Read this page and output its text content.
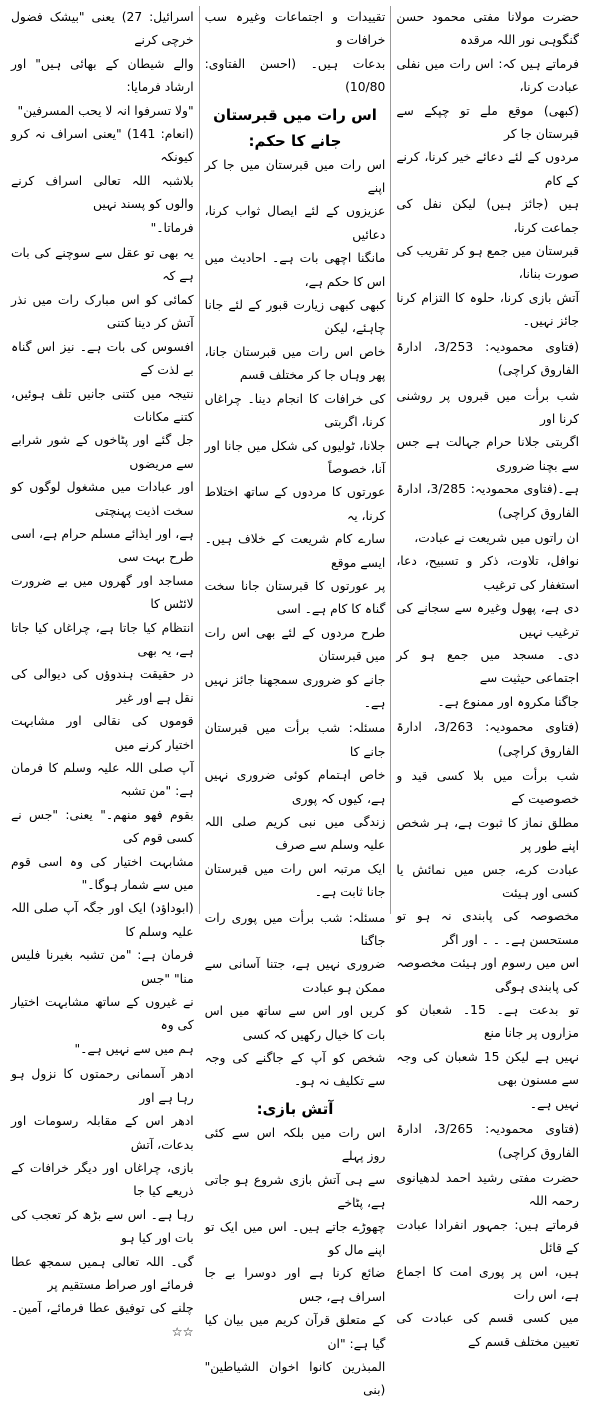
حضرت مولانا مفتی محمود حسن گنگوہی نور اللہ مرقدہ
فرماتے ہیں کہ: اس رات میں نفلی عبادت کرنا،
(کبھی) موقع ملے تو چپکے سے قبرستان جا کر
مردوں کے لئے دعائے خیر کرنا، کرنے کے کام
ہیں (جائز ہیں) لیکن نفل کی جماعت کرنا،
قبرستان میں جمع ہو کر تقریب کی صورت بنانا،
آتش بازی کرنا، حلوہ کا التزام کرنا جائز نہیں۔

(فتاوی محمودیہ: 3/253، ادارۃ الفاروق کراچی)

شب برأت میں قبروں پر روشنی کرنا اور
اگربتی جلانا حرام جہالت ہے جس سے بچنا ضروری
ہے۔(فتاوی محمودیہ: 3/285، ادارۃ الفاروق کراچی)

ان راتوں میں شریعت نے عبادت،
نوافل، تلاوت، ذکر و تسبیح، دعا، استغفار کی ترغیب
دی ہے، پھول وغیرہ سے سجانے کی ترغیب نہیں
دی۔ مسجد میں جمع ہو کر اجتماعی حیثیت سے
جاگنا مکروہ اور ممنوع ہے۔

(فتاوی محمودیہ: 3/263، ادارۃ الفاروق کراچی)

شب برأت میں بلا کسی قید و خصوصیت کے
مطلق نماز کا ثبوت ہے، ہر شخص اپنے طور پر
عبادت کرے، جس میں نمائش یا کسی اور ہیئت
مخصوصہ کی پابندی نہ ہو تو مستحسن ہے۔ ۔ ۔ اور اگر
اس میں رسوم اور ہیئت مخصوصہ کی پابندی ہوگی
تو بدعت ہے۔ 15۔ شعبان کو مزاروں پر جانا منع
نہیں ہے لیکن 15 شعبان کی وجہ سے مسنون بھی
نہیں ہے۔

(فتاوی محمودیہ: 3/265، ادارۃ الفاروق کراچی)

حضرت مفتی رشید احمد لدھیانوی رحمہ اللہ
فرماتے ہیں: جمہور انفرادا عبادت کے قائل
ہیں، اس پر پوری امت کا اجماع ہے، اس رات
میں کسی قسم کی عبادت کی تعیین مختلف قسم کے

تقییدات و اجتماعات وغیرہ سب خرافات و
بدعات ہیں۔ (احسن الفتاوی: 10/80)

اس رات میں قبرستان جانے کا حکم:

اس رات میں قبرستان میں جا کر اپنے
عزیزوں کے لئے ایصال ثواب کرنا، دعائیں
مانگنا اچھی بات ہے۔ احادیث میں اس کا حکم ہے،
کبھی کبھی زیارت قبور کے لئے جانا چاہئے، لیکن
خاص اس رات میں قبرستان جانا، پھر وہاں جا کر مختلف قسم
کی خرافات کا انجام دینا۔ چراغاں کرنا، اگربتی
جلانا، ٹولیوں کی شکل میں جانا اور آنا، خصوصاً
عورتوں کا مردوں کے ساتھ اختلاط کرنا، یہ
سارے کام شریعت کے خلاف ہیں۔ ایسے موقع
پر عورتوں کا قبرستان جانا سخت گناہ کا کام ہے۔ اسی
طرح مردوں کے لئے بھی اس رات میں قبرستان
جانے کو ضروری سمجھنا جائز نہیں ہے۔

مسئلہ: شب برأت میں قبرستان جانے کا
خاص اہتمام کوئی ضروری نہیں ہے، کیوں کہ پوری
زندگی میں نبی کریم صلی اللہ علیہ وسلم سے صرف
ایک مرتبہ اس رات میں قبرستان جانا ثابت ہے۔

مسئلہ: شب برأت میں پوری رات جاگنا
ضروری نہیں ہے، جتنا آسانی سے ممکن ہو عبادت
کریں اور اس سے ساتھ میں اس بات کا خیال رکھیں کہ کسی
شخص کو آپ کے جاگنے کی وجہ سے تکلیف نہ ہو۔

آتش بازی:

اس رات میں بلکہ اس سے کئی روز پہلے
سے ہی آتش بازی شروع ہو جاتی ہے، پٹاخے
چھوڑے جاتے ہیں۔ اس میں ایک تو اپنے مال کو
ضائع کرنا ہے اور دوسرا بے جا اسراف ہے، جس
کے متعلق قرآن کریم میں بیان کیا گیا ہے: "ان
المبذرین کانوا اخوان الشیاطین" (بنی

اسرائیل: 27) یعنی "بیشک فضول خرچی کرنے
والے شیطان کے بھائی ہیں" اور ارشاد فرمایا:
"ولا تسرفوا انہ لا یحب المسرفین"
(انعام: 141) "یعنی اسراف نہ کرو کیونکہ
بلاشبہ اللہ تعالی اسراف کرنے والوں کو پسند نہیں
فرماتا۔"

یہ بھی تو عقل سے سوچنے کی بات ہے کہ
کمائی کو اس مبارک رات میں نذر آتش کر دینا کتنی
افسوس کی بات ہے۔ نیز اس گناہ بے لذت کے
نتیجہ میں کتنی جانیں تلف ہوئیں، کتنے مکانات
جل گئے اور پٹاخوں کے شور شرابے سے مریضوں
اور عبادات میں مشغول لوگوں کو سخت اذیت پہنچتی
ہے، اور ایذائے مسلم حرام ہے، اسی طرح بہت سی
مساجد اور گھروں میں بے ضرورت لائٹس کا
انتظام کیا جاتا ہے، چراغاں کیا جاتا ہے، یہ بھی
در حقیقت ہندوؤں کی دیوالی کی نقل ہے اور غیر
قوموں کی نقالی اور مشابہت اختیار کرنے میں
آپ صلی اللہ علیہ وسلم کا فرمان ہے: "من تشبہ
بقوم فھو منھم۔" یعنی: "جس نے کسی قوم کی
مشابہت اختیار کی وہ اسی قوم میں سے شمار ہوگا۔"
(ابوداؤد) ایک اور جگہ آپ صلی اللہ علیہ وسلم کا
فرمان ہے: "من تشبہ بغیرنا فلیس منا" "جس
نے غیروں کے ساتھ مشابہت اختیار کی وہ
ہم میں سے نہیں ہے۔"

ادھر آسمانی رحمتوں کا نزول ہو رہا ہے اور
ادھر اس کے مقابلہ رسومات اور بدعات، آتش
بازی، چراغاں اور دیگر خرافات کے ذریعے کیا جا
رہا ہے۔ اس سے بڑھ کر تعجب کی بات اور کیا ہو
گی۔ اللہ تعالی ہمیں سمجھ عطا فرمائے اور صراط مستقیم پر
چلنے کی توفیق عطا فرمائے، آمین۔ ☆☆
